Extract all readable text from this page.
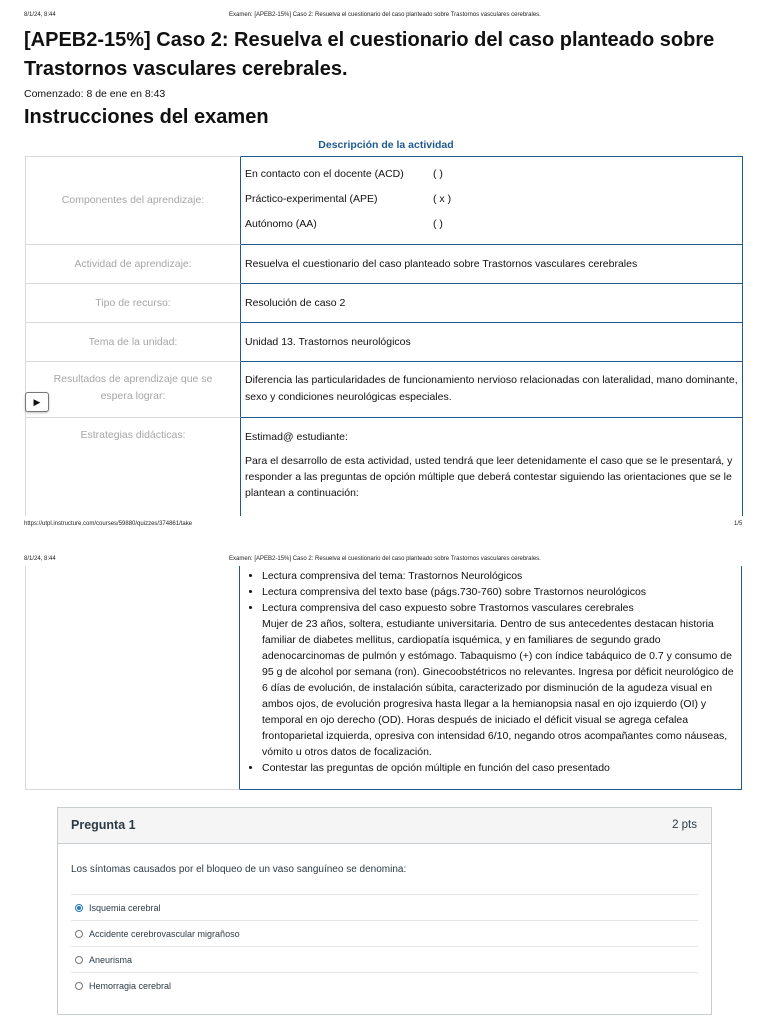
8/1/24, 8:44	Examen: [APEB2-15%] Caso 2: Resuelva el cuestionario del caso planteado sobre Trastornos vasculares cerebrales.
[APEB2-15%] Caso 2: Resuelva el cuestionario del caso planteado sobre Trastornos vasculares cerebrales.
Comenzado: 8 de ene en 8:43
Instrucciones del examen
Descripción de la actividad
Componentes del aprendizaje:
En contacto con el docente (ACD)	( )
Práctico-experimental (APE)	( x )
Autónomo (AA)	( )
Actividad de aprendizaje:	Resuelva el cuestionario del caso planteado sobre Trastornos vasculares cerebrales
Tipo de recurso:	Resolución de caso 2
Tema de la unidad:	Unidad 13. Trastornos neurológicos
Resultados de aprendizaje que se espera lograr:
Diferencia las particularidades de funcionamiento nervioso relacionadas con lateralidad, mano dominante, sexo y condiciones neurológicas especiales.
Estrategias didácticas:	Estimad@ estudiante:
Para el desarrollo de esta actividad, usted tendrá que leer detenidamente el caso que se le presentará, y responder a las preguntas de opción múltiple que deberá contestar siguiendo las orientaciones que se le plantean a continuación:
▶
https://utpl.instructure.com/courses/59880/quizzes/374861/take	1/5
8/1/24, 8:44	Examen: [APEB2-15%] Caso 2: Resuelva el cuestionario del caso planteado sobre Trastornos vasculares cerebrales.
• Lectura comprensiva del tema: Trastornos Neurológicos
• Lectura comprensiva del texto base (págs.730-760) sobre Trastornos neurológicos
• Lectura comprensiva del caso expuesto sobre Trastornos vasculares cerebrales
Mujer de 23 años, soltera, estudiante universitaria. Dentro de sus antecedentes destacan historia familiar de diabetes mellitus, cardiopatía isquémica, y en familiares de segundo grado adenocarcinomas de pulmón y estómago. Tabaquismo (+) con índice tabáquico de 0.7 y consumo de 95 g de alcohol por semana (ron). Ginecoobstétricos no relevantes. Ingresa por déficit neurológico de 6 días de evolución, de instalación súbita, caracterizado por disminución de la agudeza visual en ambos ojos, de evolución progresiva hasta llegar a la hemianopsia nasal en ojo izquierdo (OI) y temporal en ojo derecho (OD). Horas después de iniciado el déficit visual se agrega cefalea frontoparietal izquierda, opresiva con intensidad 6/10, negando otros acompañantes como náuseas, vómito u otros datos de focalización.
• Contestar las preguntas de opción múltiple en función del caso presentado
Pregunta 1	2 pts
Los síntomas causados por el bloqueo de un vaso sanguíneo se denomina:
Isquemia cerebral
Accidente cerebrovascular migrañoso
Aneurisma
Hemorragia cerebral
